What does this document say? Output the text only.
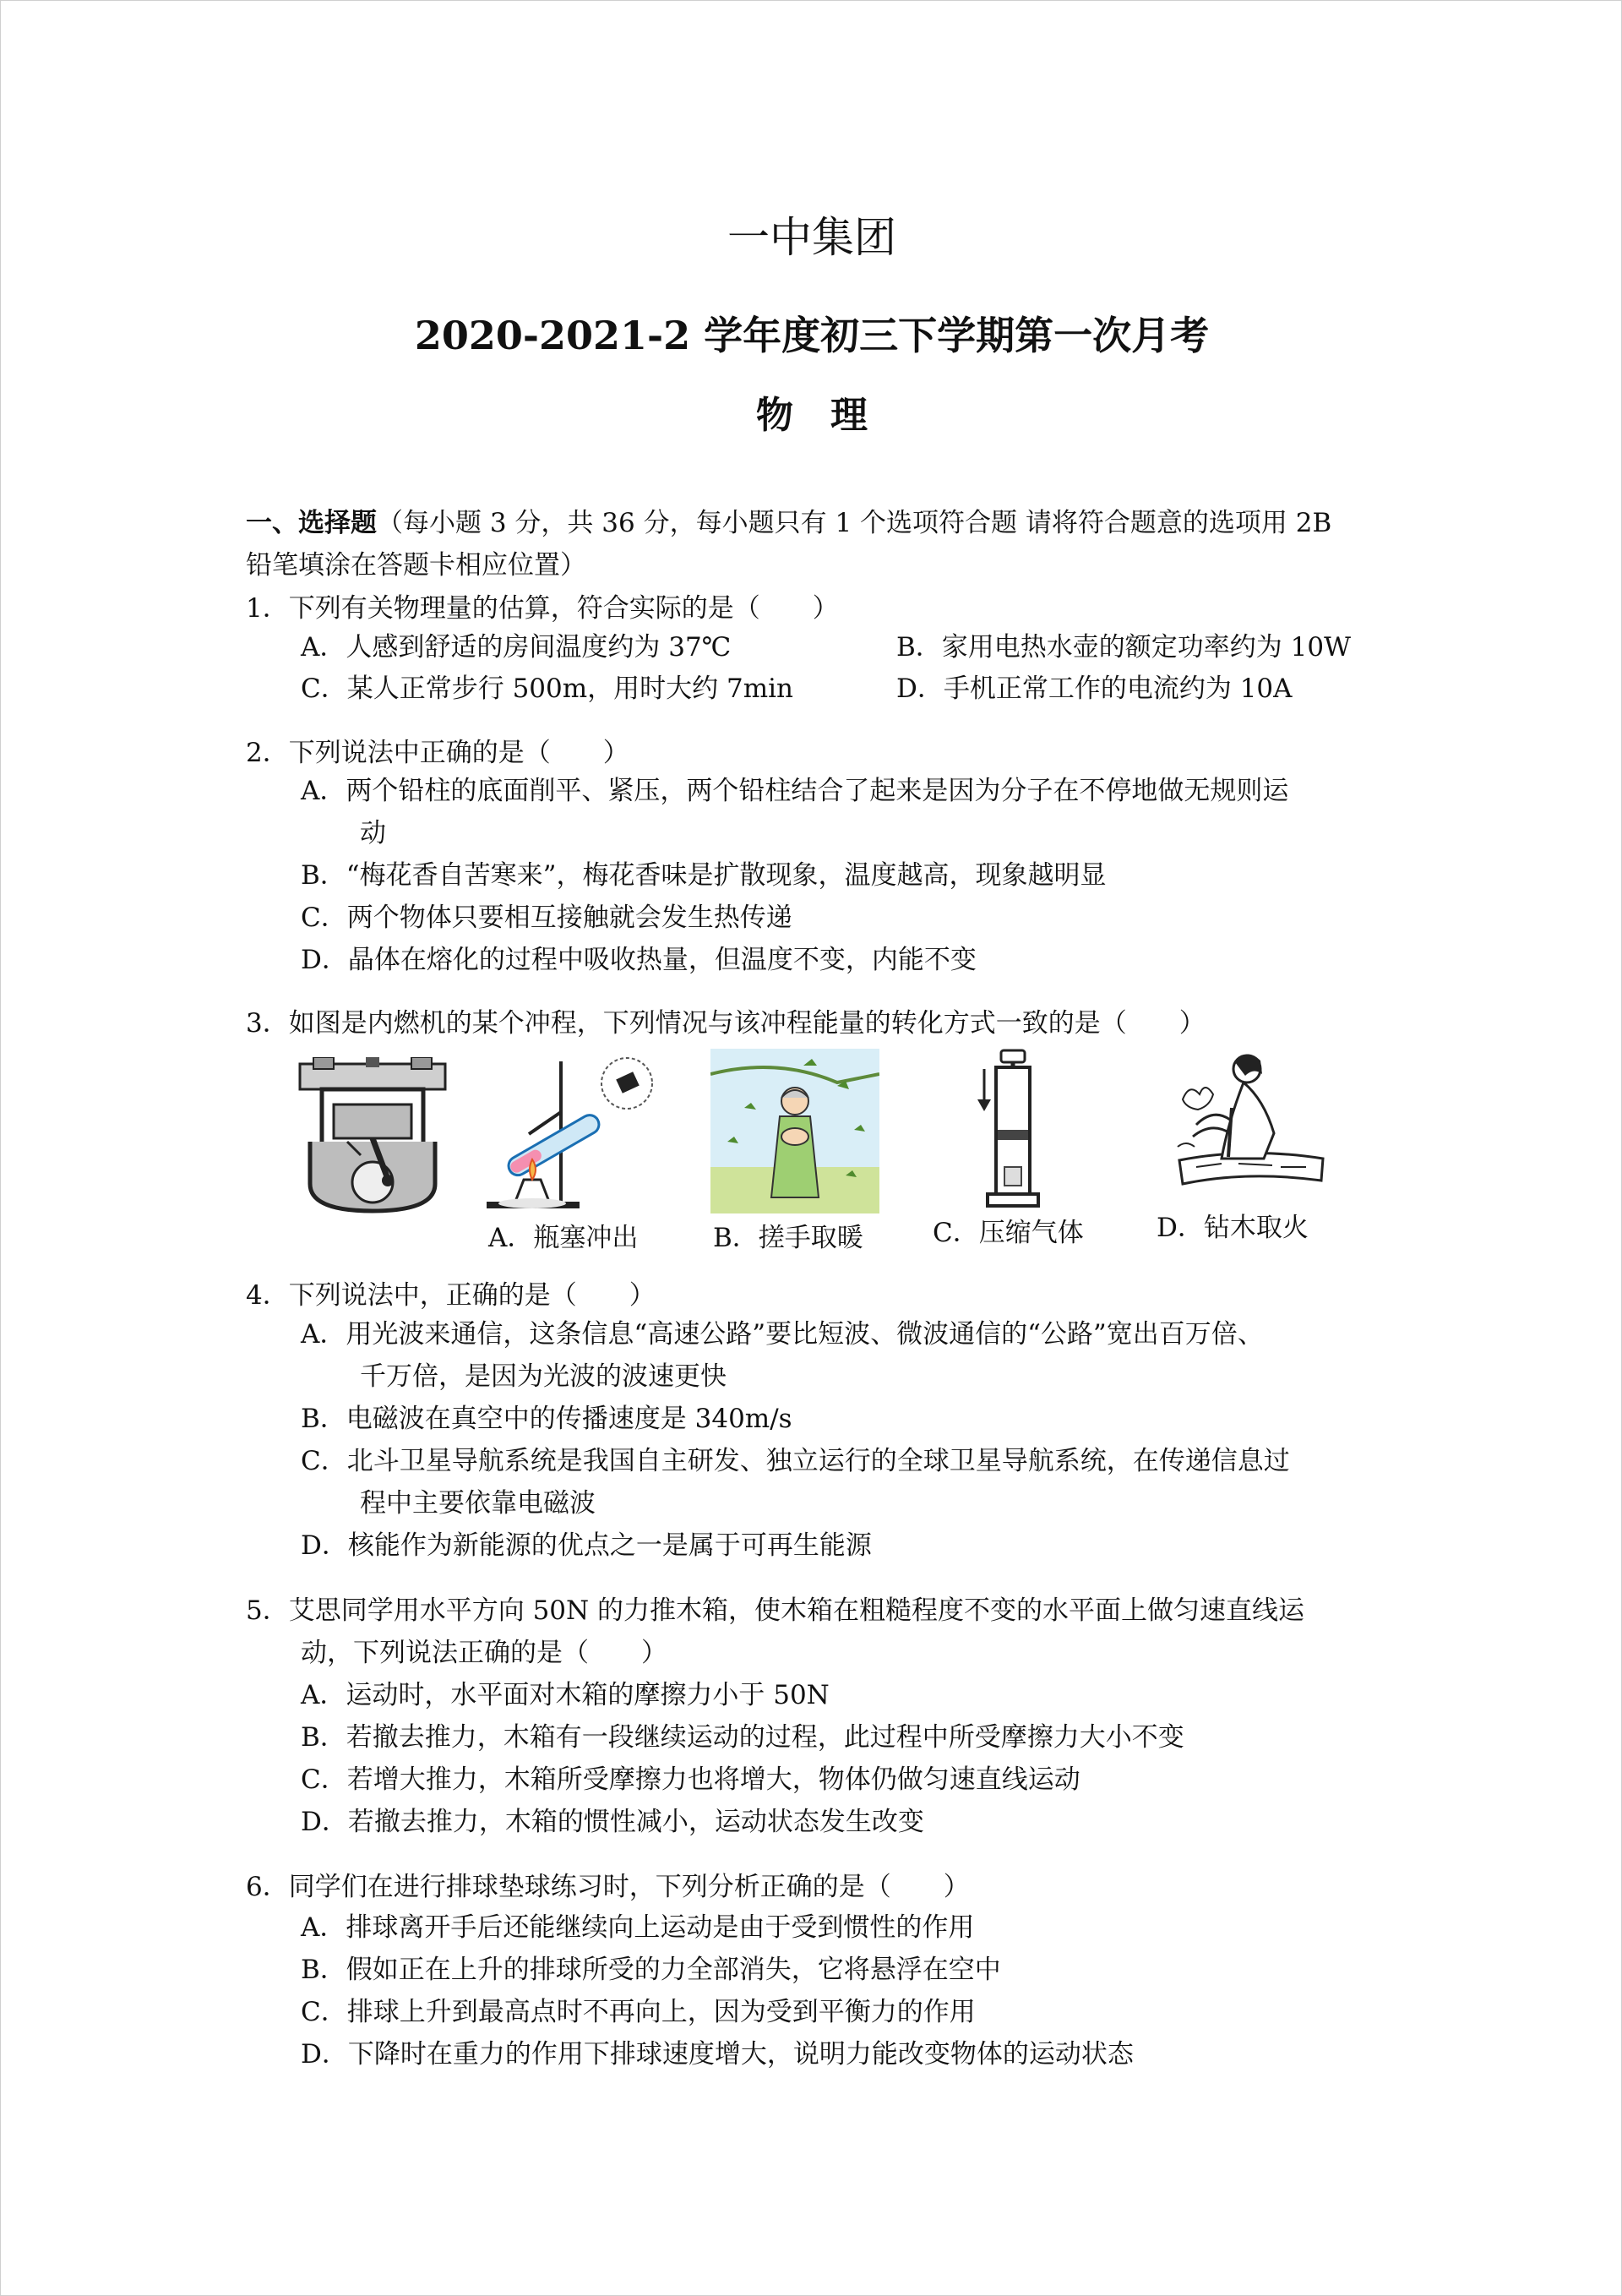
一中集团
2020-2021-2 学年度初三下学期第一次月考
物　理
一、选择题（每小题 3 分，共 36 分，每小题只有 1 个选项符合题 请将符合题意的选项用 2B
铅笔填涂在答题卡相应位置）
1．下列有关物理量的估算，符合实际的是（　　）
A．人感到舒适的房间温度约为 37℃	B．家用电热水壶的额定功率约为 10W
C．某人正常步行 500m，用时大约 7min	D．手机正常工作的电流约为 10A
2．下列说法中正确的是（　　）
A．两个铅柱的底面削平、紧压，两个铅柱结合了起来是因为分子在不停地做无规则运
动
B．“梅花香自苦寒来”，梅花香味是扩散现象，温度越高，现象越明显
C．两个物体只要相互接触就会发生热传递
D．晶体在熔化的过程中吸收热量，但温度不变，内能不变
3．如图是内燃机的某个冲程，下列情况与该冲程能量的转化方式一致的是（　　）
A．瓶塞冲出	B．搓手取暖	C．压缩气体	D．钻木取火
4．下列说法中，正确的是（　　）
A．用光波来通信，这条信息“高速公路”要比短波、微波通信的“公路”宽出百万倍、
千万倍，是因为光波的波速更快
B．电磁波在真空中的传播速度是 340m/s
C．北斗卫星导航系统是我国自主研发、独立运行的全球卫星导航系统，在传递信息过
程中主要依靠电磁波
D．核能作为新能源的优点之一是属于可再生能源
5．艾思同学用水平方向 50N 的力推木箱，使木箱在粗糙程度不变的水平面上做匀速直线运
动，下列说法正确的是（　　）
A．运动时，水平面对木箱的摩擦力小于 50N
B．若撤去推力，木箱有一段继续运动的过程，此过程中所受摩擦力大小不变
C．若增大推力，木箱所受摩擦力也将增大，物体仍做匀速直线运动
D．若撤去推力，木箱的惯性减小，运动状态发生改变
6．同学们在进行排球垫球练习时，下列分析正确的是（　　）
A．排球离开手后还能继续向上运动是由于受到惯性的作用
B．假如正在上升的排球所受的力全部消失，它将悬浮在空中
C．排球上升到最高点时不再向上，因为受到平衡力的作用
D．下降时在重力的作用下排球速度增大，说明力能改变物体的运动状态
